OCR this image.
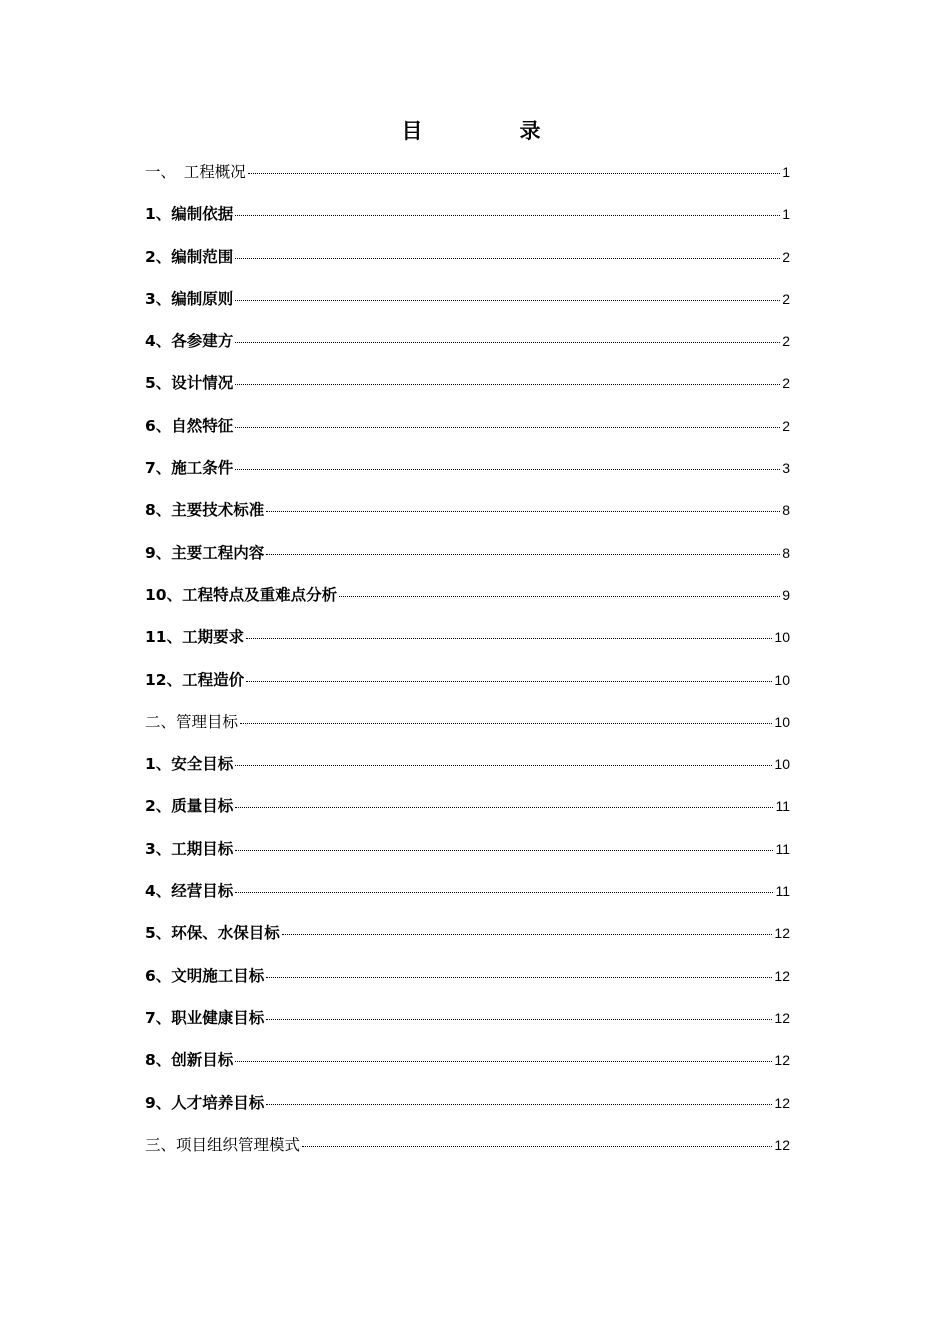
目　录
一、　工程概况	1
1、编制依据	1
2、编制范围	2
3、编制原则	2
4、各参建方	2
5、设计情况	2
6、自然特征	2
7、施工条件	3
8、主要技术标准	8
9、主要工程内容	8
10、工程特点及重难点分析	9
11、工期要求	10
12、工程造价	10
二、管理目标	10
1、安全目标	10
2、质量目标	11
3、工期目标	11
4、经营目标	11
5、环保、水保目标	12
6、文明施工目标	12
7、职业健康目标	12
8、创新目标	12
9、人才培养目标	12
三、项目组织管理模式	12
